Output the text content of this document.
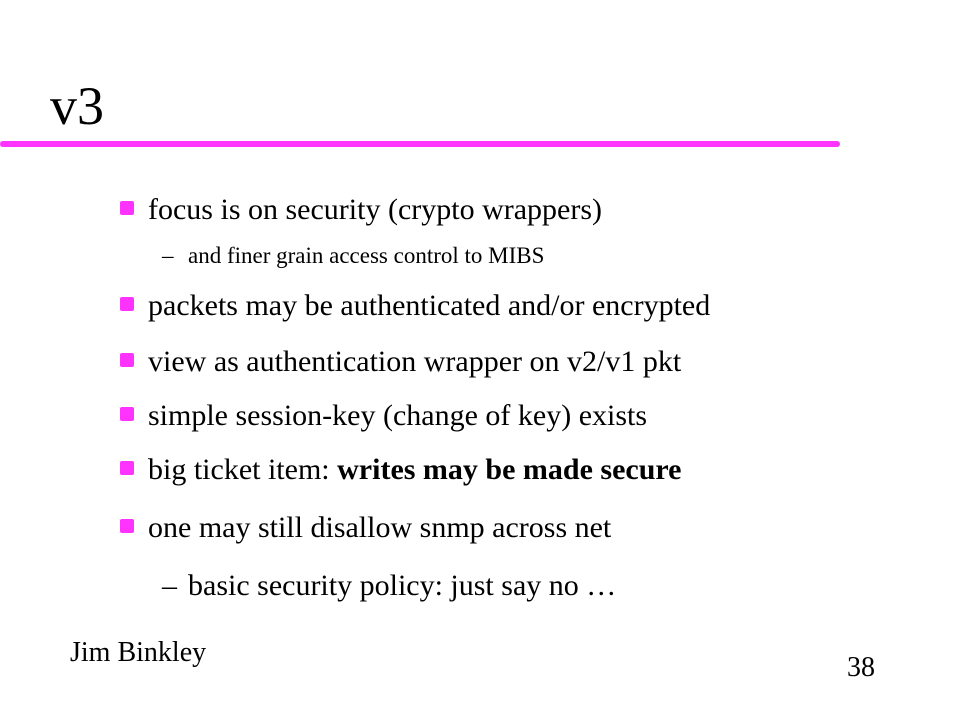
v3
focus is on security (crypto wrappers)
– and finer grain access control to MIBS
packets may be authenticated and/or encrypted
view as authentication wrapper on v2/v1 pkt
simple session-key (change of key) exists
big ticket item: writes may be made secure
one may still disallow snmp across net
– basic security policy: just say no …
Jim Binkley	38
